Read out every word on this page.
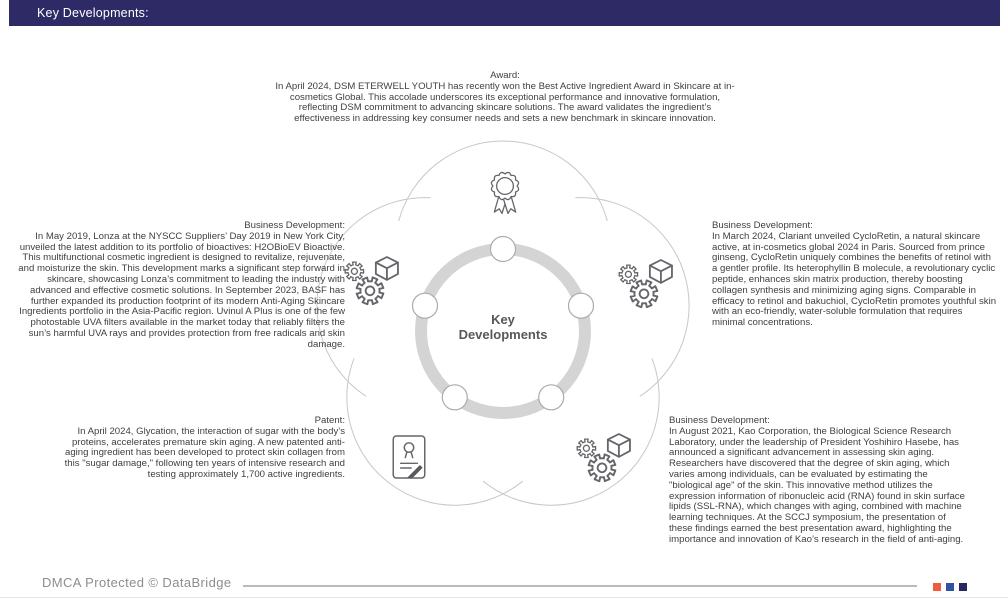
Key Developments:
Award:
In April 2024, DSM ETERWELL YOUTH has recently won the Best Active Ingredient Award in Skincare at in-cosmetics Global. This accolade underscores its exceptional performance and innovative formulation, reflecting DSM commitment to advancing skincare solutions. The award validates the ingredient’s effectiveness in addressing key consumer needs and sets a new benchmark in skincare innovation.
Business Development:
In May 2019, Lonza at the NYSCC Suppliers’ Day 2019 in New York City, unveiled the latest addition to its portfolio of bioactives: H2OBioEV Bioactive. This multifunctional cosmetic ingredient is designed to revitalize, rejuvenate, and moisturize the skin. This development marks a significant step forward in skincare, showcasing Lonza’s commitment to leading the industry with advanced and effective cosmetic solutions. In September 2023, BASF has further expanded its production footprint of its modern Anti-Aging Skincare Ingredients portfolio in the Asia-Pacific region. Uvinul A Plus is one of the few photostable UVA filters available in the market today that reliably filters the sun’s harmful UVA rays and provides protection from free radicals and skin damage.
Business Development:
In March 2024, Clariant unveiled CycloRetin, a natural skincare active, at in-cosmetics global 2024 in Paris. Sourced from prince ginseng, CycloRetin uniquely combines the benefits of retinol with a gentler profile. Its heterophyllin B molecule, a revolutionary cyclic peptide, enhances skin matrix production, thereby boosting collagen synthesis and minimizing aging signs. Comparable in efficacy to retinol and bakuchiol, CycloRetin promotes youthful skin with an eco-friendly, water-soluble formulation that requires minimal concentrations.
Patent:
In April 2024, Glycation, the interaction of sugar with the body’s proteins, accelerates premature skin aging. A new patented anti-aging ingredient has been developed to protect skin collagen from this "sugar damage," following ten years of intensive research and testing approximately 1,700 active ingredients.
Business Development:
In August 2021, Kao Corporation, the Biological Science Research Laboratory, under the leadership of President Yoshihiro Hasebe, has announced a significant advancement in assessing skin aging. Researchers have discovered that the degree of skin aging, which varies among individuals, can be evaluated by estimating the "biological age" of the skin. This innovative method utilizes the expression information of ribonucleic acid (RNA) found in skin surface lipids (SSL-RNA), which changes with aging, combined with machine learning techniques. At the SCCJ symposium, the presentation of these findings earned the best presentation award, highlighting the importance and innovation of Kao’s research in the field of anti-aging.
Key Developments
DMCA Protected © DataBridge
